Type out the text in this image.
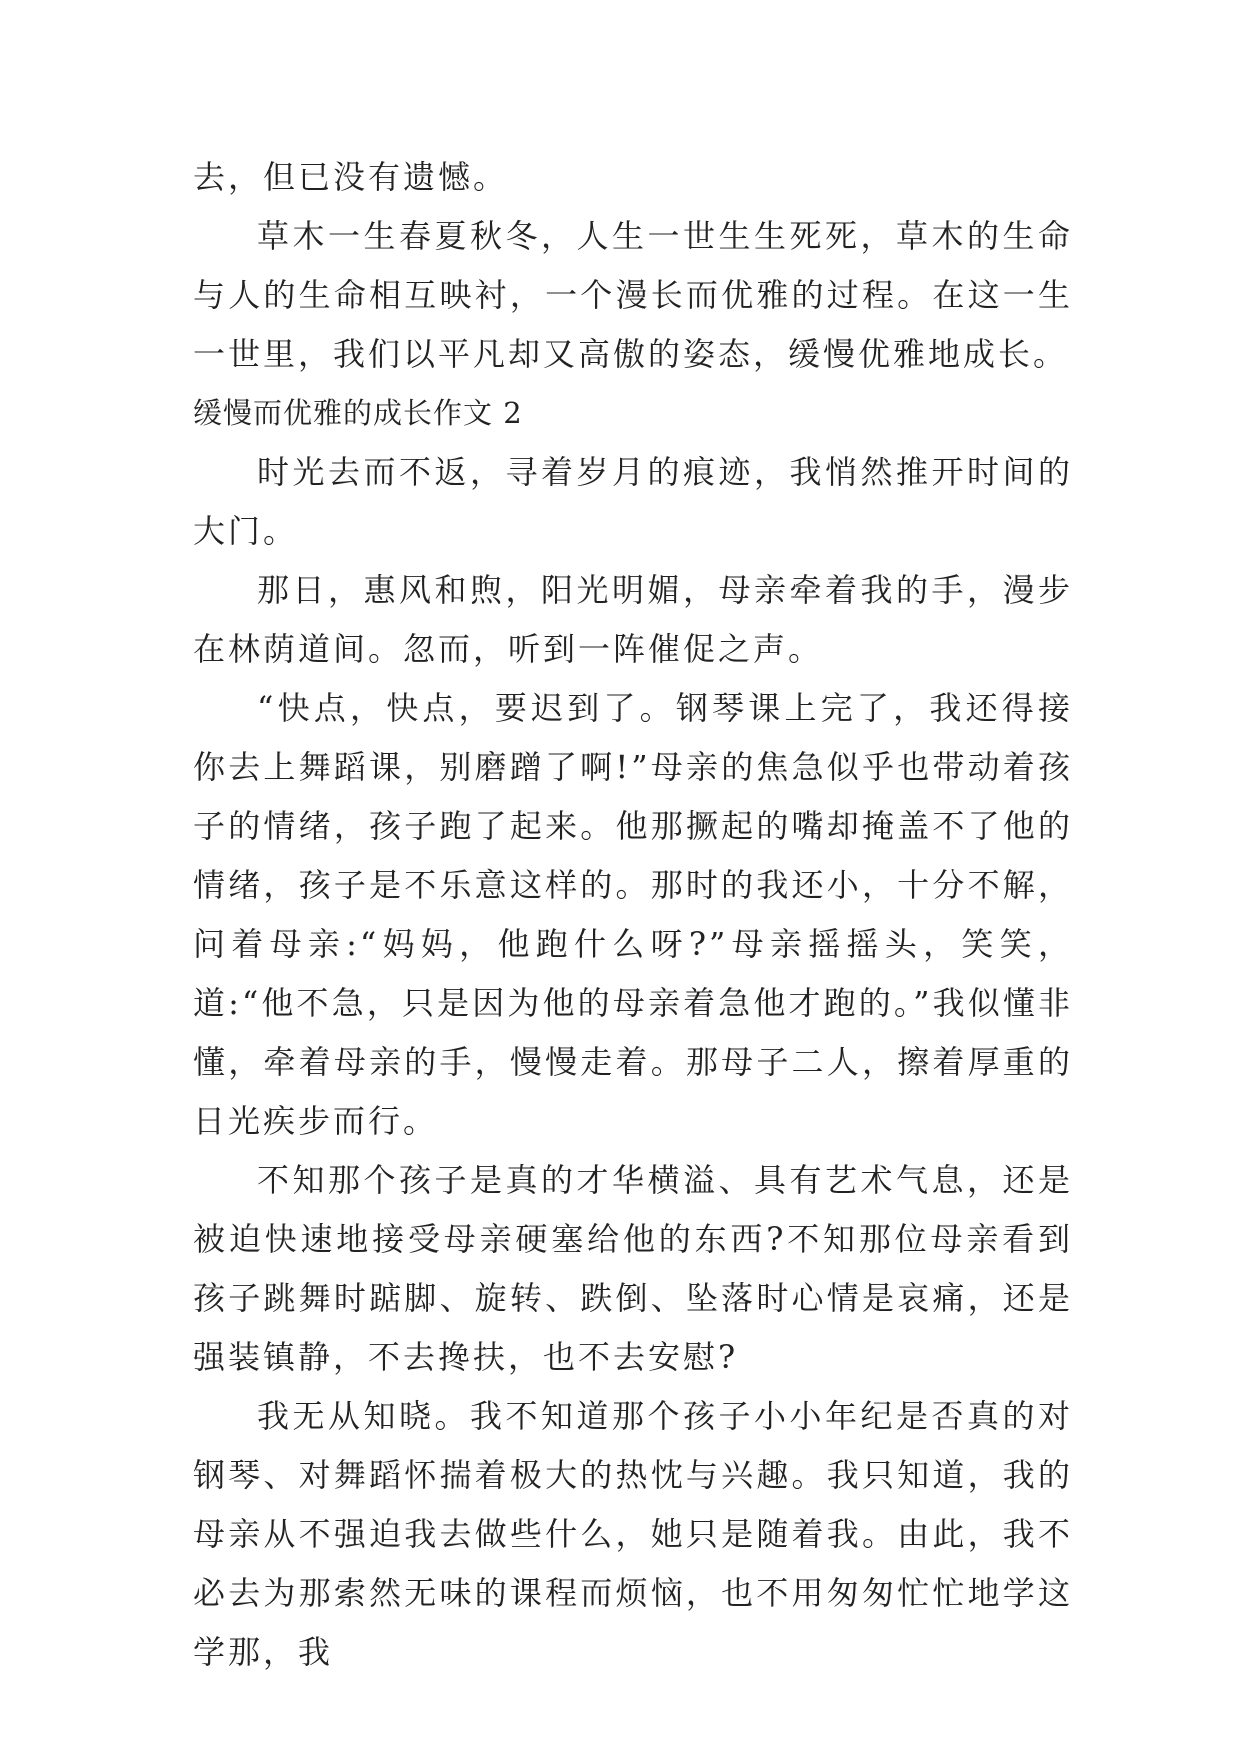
去，但已没有遗憾。

草木一生春夏秋冬，人生一世生生死死，草木的生命与人的生命相互映衬，一个漫长而优雅的过程。在这一生一世里，我们以平凡却又高傲的姿态，缓慢优雅地成长。

缓慢而优雅的成长作文 2

时光去而不返，寻着岁月的痕迹，我悄然推开时间的大门。

那日，惠风和煦，阳光明媚，母亲牵着我的手，漫步在林荫道间。忽而，听到一阵催促之声。

“快点，快点，要迟到了。钢琴课上完了，我还得接你去上舞蹈课，别磨蹭了啊!”母亲的焦急似乎也带动着孩子的情绪，孩子跑了起来。他那撅起的嘴却掩盖不了他的情绪，孩子是不乐意这样的。那时的我还小，十分不解，问着母亲:“妈妈，他跑什么呀?”母亲摇摇头，笑笑，道:“他不急，只是因为他的母亲着急他才跑的。”我似懂非懂，牵着母亲的手，慢慢走着。那母子二人，擦着厚重的日光疾步而行。

不知那个孩子是真的才华横溢、具有艺术气息，还是被迫快速地接受母亲硬塞给他的东西?不知那位母亲看到孩子跳舞时踮脚、旋转、跌倒、坠落时心情是哀痛，还是强装镇静，不去搀扶，也不去安慰?

我无从知晓。我不知道那个孩子小小年纪是否真的对钢琴、对舞蹈怀揣着极大的热忱与兴趣。我只知道，我的母亲从不强迫我去做些什么，她只是随着我。由此，我不必去为那索然无味的课程而烦恼，也不用匆匆忙忙地学这学那，我
